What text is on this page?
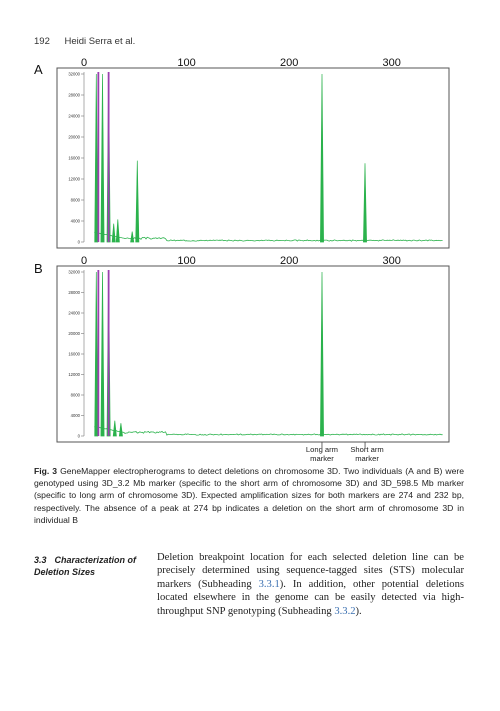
192 Heidi Serra et al.
A
B
0	100	200	300
32000
28000
24000
20000
16000
12000
8000
4000
0
0	100	200	300
32000
28000
24000
20000
16000
12000
8000
4000
0
Long arm
marker
Short arm
marker
Fig. 3 GeneMapper electropherograms to detect deletions on chromosome 3D. Two individuals (A and B) were genotyped using 3D_3.2 Mb marker (specific to the short arm of chromosome 3D) and 3D_598.5 Mb marker (specific to long arm of chromosome 3D). Expected amplification sizes for both markers are 274 and 232 bp, respectively. The absence of a peak at 274 bp indicates a deletion on the short arm of chromosome 3D in individual B
3.3 Characterization of Deletion Sizes
Deletion breakpoint location for each selected deletion line can be precisely determined using sequence-tagged sites (STS) molecular markers (Subheading 3.3.1). In addition, other potential deletions located elsewhere in the genome can be easily detected via high-throughput SNP genotyping (Subheading 3.3.2).
